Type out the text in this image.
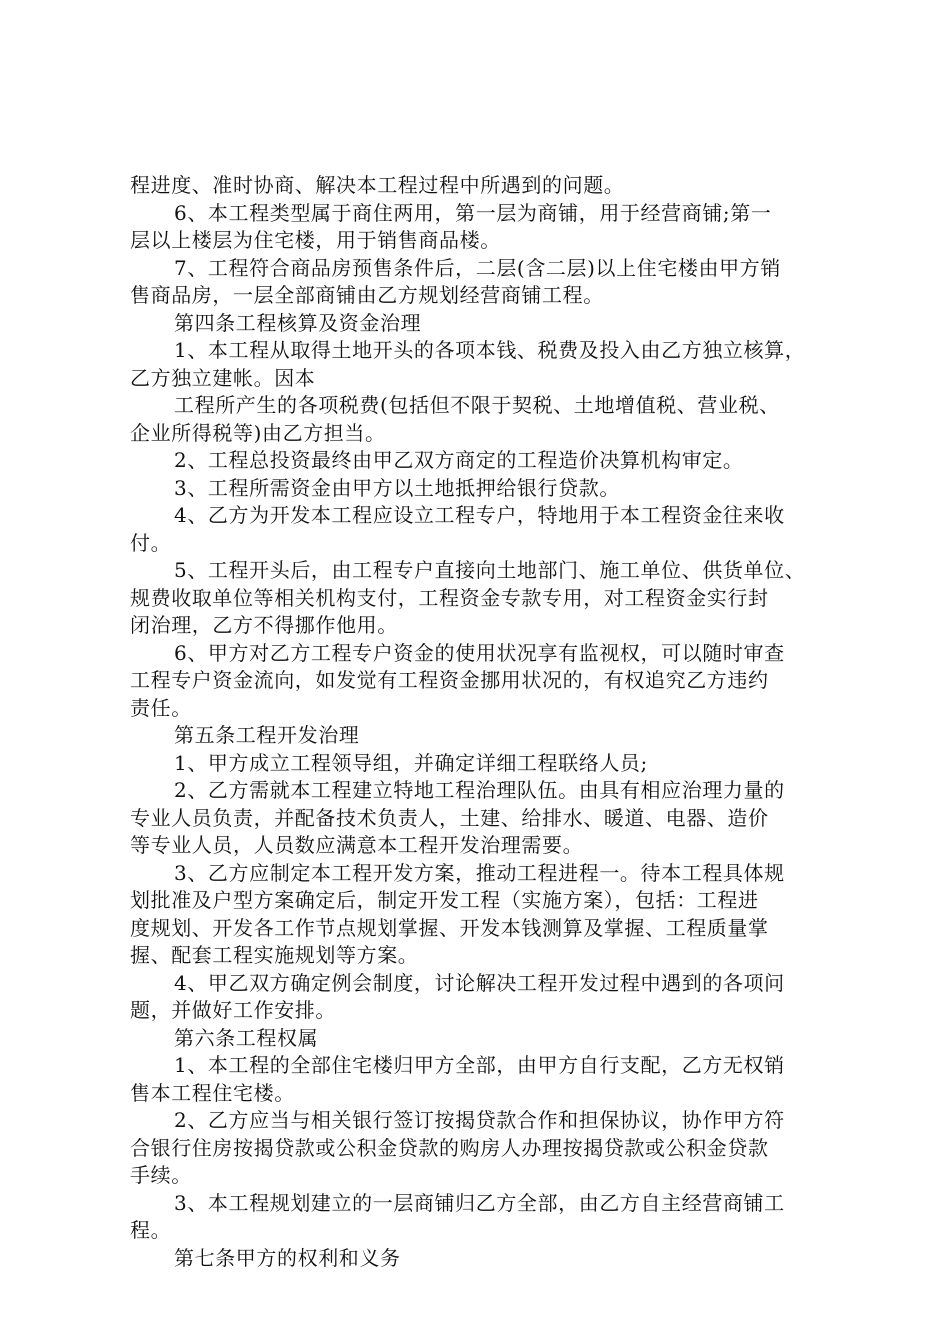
程进度、准时协商、解决本工程过程中所遇到的问题。
6、本工程类型属于商住两用，第一层为商铺，用于经营商铺;第一
层以上楼层为住宅楼，用于销售商品楼。
7、工程符合商品房预售条件后，二层(含二层)以上住宅楼由甲方销
售商品房，一层全部商铺由乙方规划经营商铺工程。
第四条工程核算及资金治理
1、本工程从取得土地开头的各项本钱、税费及投入由乙方独立核算，
乙方独立建帐。因本
工程所产生的各项税费(包括但不限于契税、土地增值税、营业税、
企业所得税等)由乙方担当。
2、工程总投资最终由甲乙双方商定的工程造价决算机构审定。
3、工程所需资金由甲方以土地抵押给银行贷款。
4、乙方为开发本工程应设立工程专户，特地用于本工程资金往来收
付。
5、工程开头后，由工程专户直接向土地部门、施工单位、供货单位、
规费收取单位等相关机构支付，工程资金专款专用，对工程资金实行封
闭治理，乙方不得挪作他用。
6、甲方对乙方工程专户资金的使用状况享有监视权，可以随时审查
工程专户资金流向，如发觉有工程资金挪用状况的，有权追究乙方违约
责任。
第五条工程开发治理
1、甲方成立工程领导组，并确定详细工程联络人员;
2、乙方需就本工程建立特地工程治理队伍。由具有相应治理力量的
专业人员负责，并配备技术负责人，土建、给排水、暖道、电器、造价
等专业人员，人员数应满意本工程开发治理需要。
3、乙方应制定本工程开发方案，推动工程进程一。待本工程具体规
划批准及户型方案确定后，制定开发工程（实施方案），包括：工程进
度规划、开发各工作节点规划掌握、开发本钱测算及掌握、工程质量掌
握、配套工程实施规划等方案。
4、甲乙双方确定例会制度，讨论解决工程开发过程中遇到的各项问
题，并做好工作安排。
第六条工程权属
1、本工程的全部住宅楼归甲方全部，由甲方自行支配，乙方无权销
售本工程住宅楼。
2、乙方应当与相关银行签订按揭贷款合作和担保协议，协作甲方符
合银行住房按揭贷款或公积金贷款的购房人办理按揭贷款或公积金贷款
手续。
3、本工程规划建立的一层商铺归乙方全部，由乙方自主经营商铺工
程。
第七条甲方的权利和义务
